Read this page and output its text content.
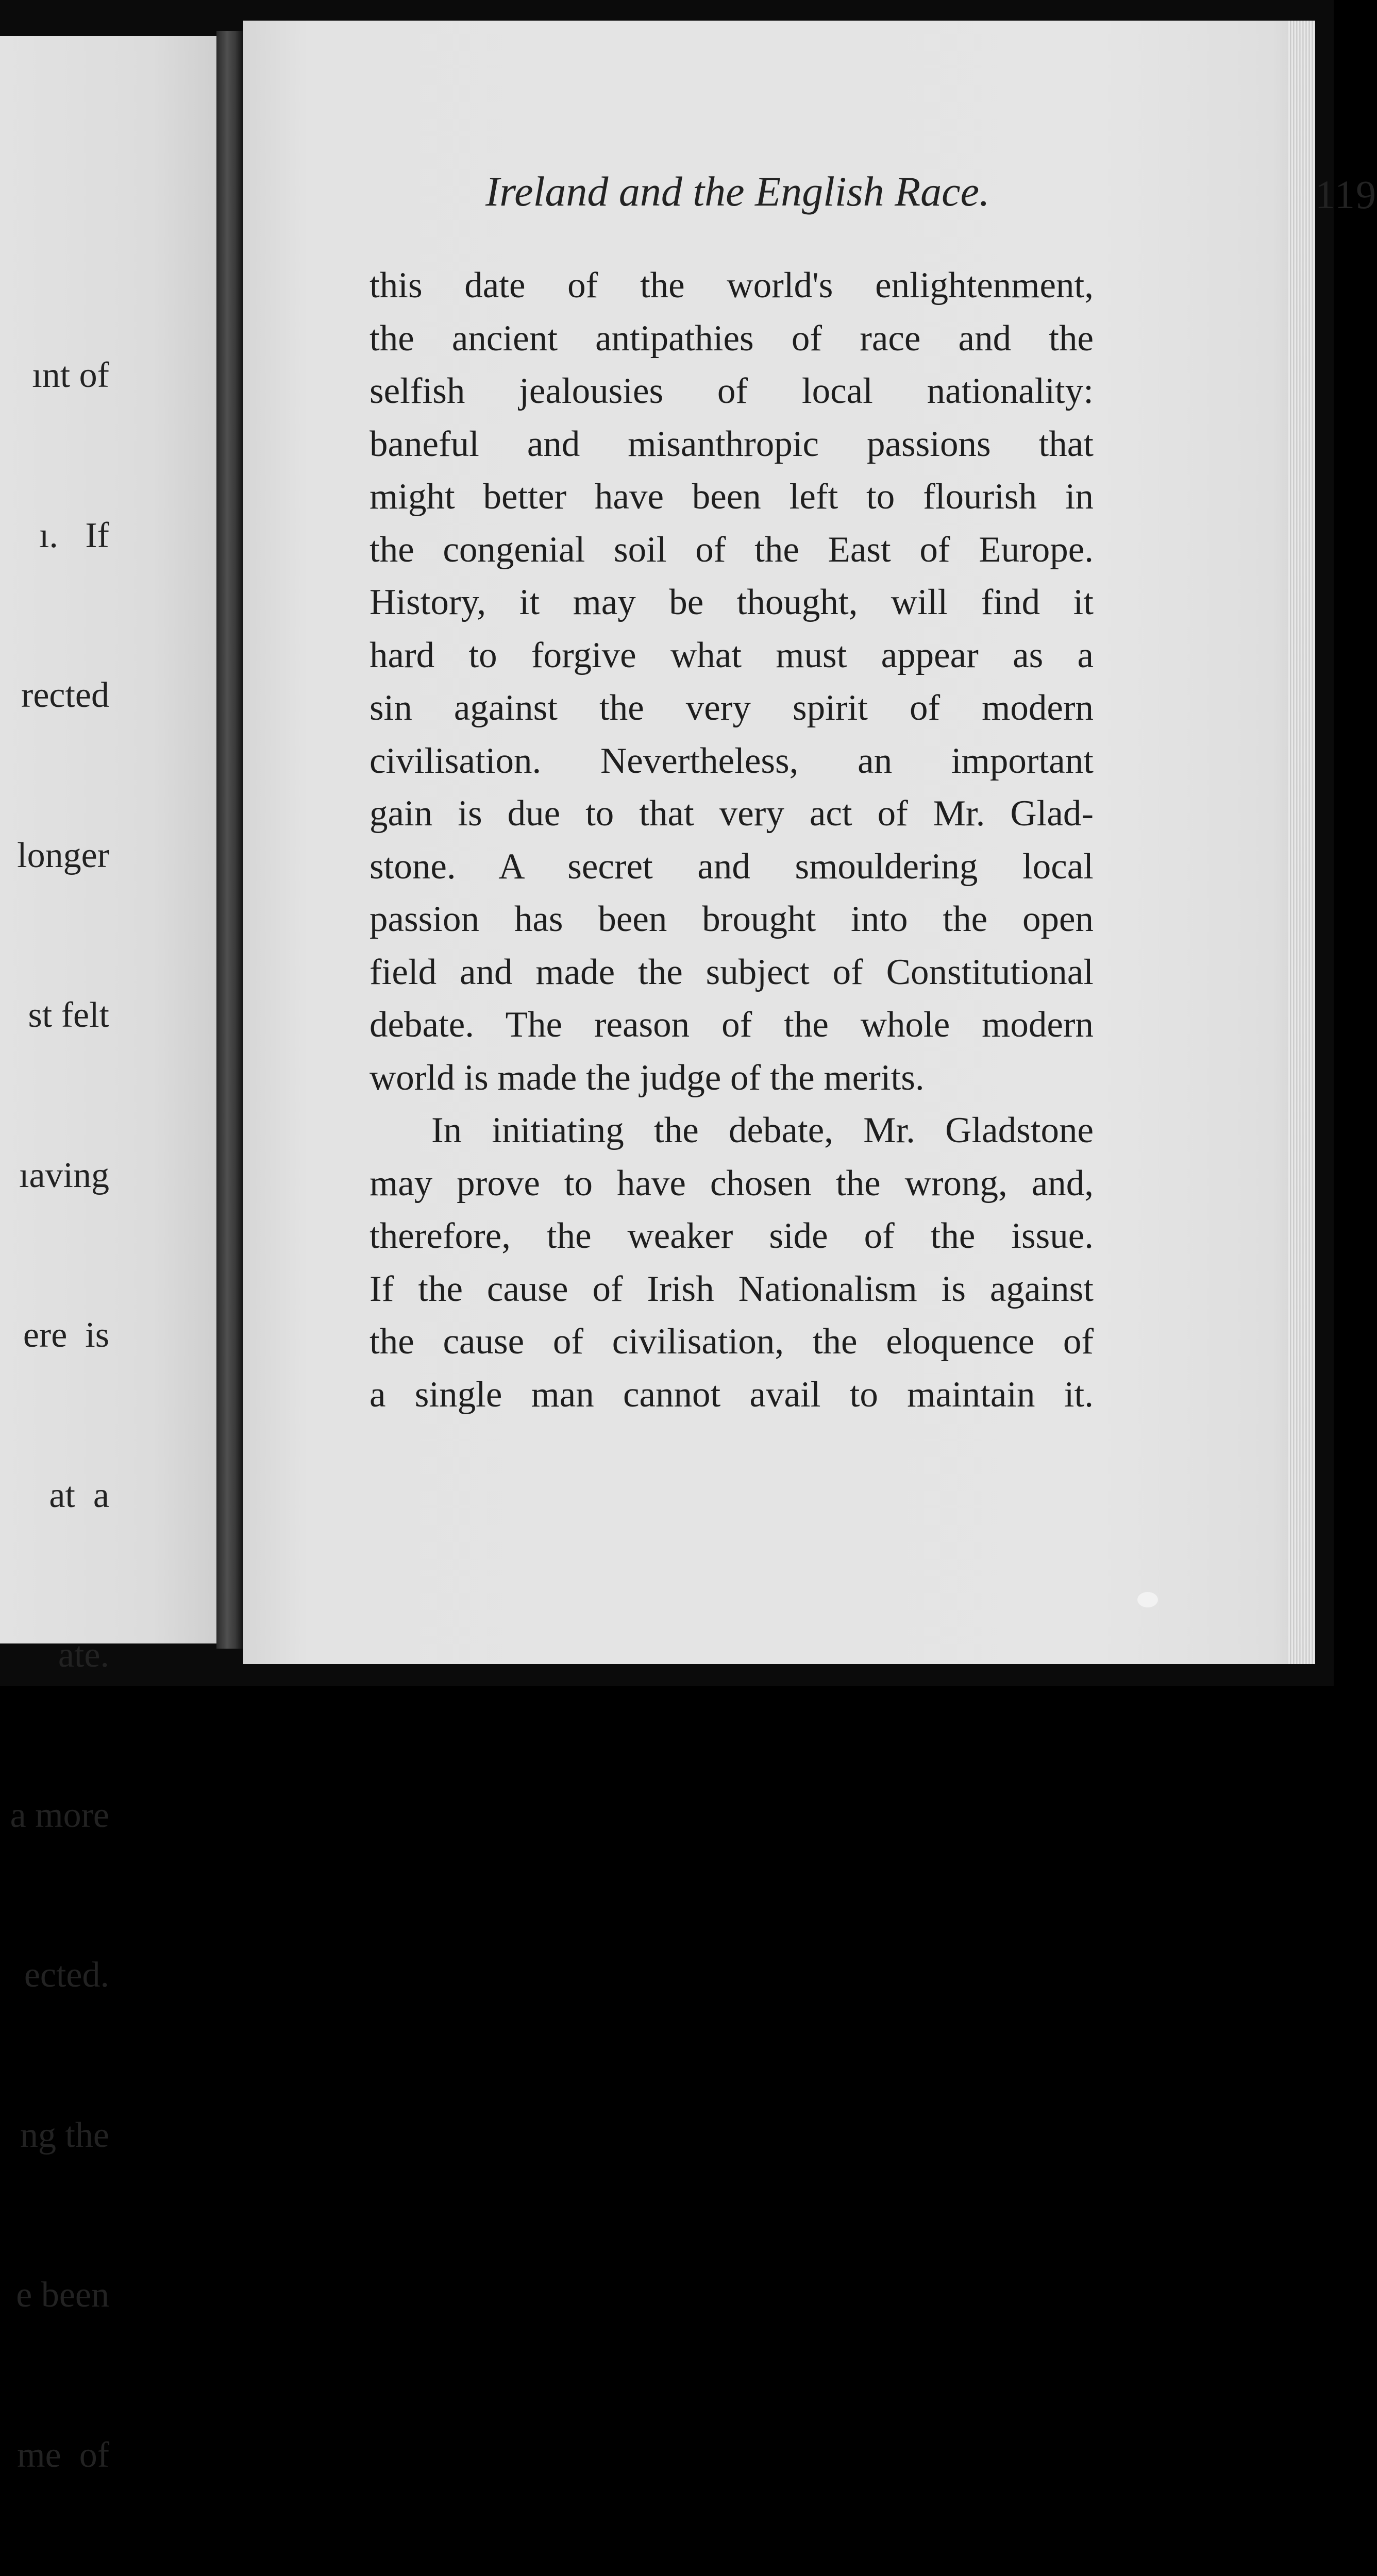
ınt of

ı.   If

rected

longer

st felt

ıaving

ere  is

at  a

ate.

a more

ected.

ng the

e been

me  of

Ireland and the English Race.	119
this date of the world's enlightenment,
the ancient antipathies of race and the
selfish jealousies of local nationality:
baneful and misanthropic passions that
might better have been left to flourish in
the congenial soil of the East of Europe.
History, it may be thought, will find it
hard to forgive what must appear as a
sin against the very spirit of modern
civilisation. Nevertheless, an important
gain is due to that very act of Mr. Glad-
stone. A secret and smouldering local
passion has been brought into the open
field and made the subject of Constitutional
debate. The reason of the whole modern
world is made the judge of the merits.
In initiating the debate, Mr. Gladstone
may prove to have chosen the wrong, and,
therefore, the weaker side of the issue.
If the cause of Irish Nationalism is against
the cause of civilisation, the eloquence of
a single man cannot avail to maintain it.
